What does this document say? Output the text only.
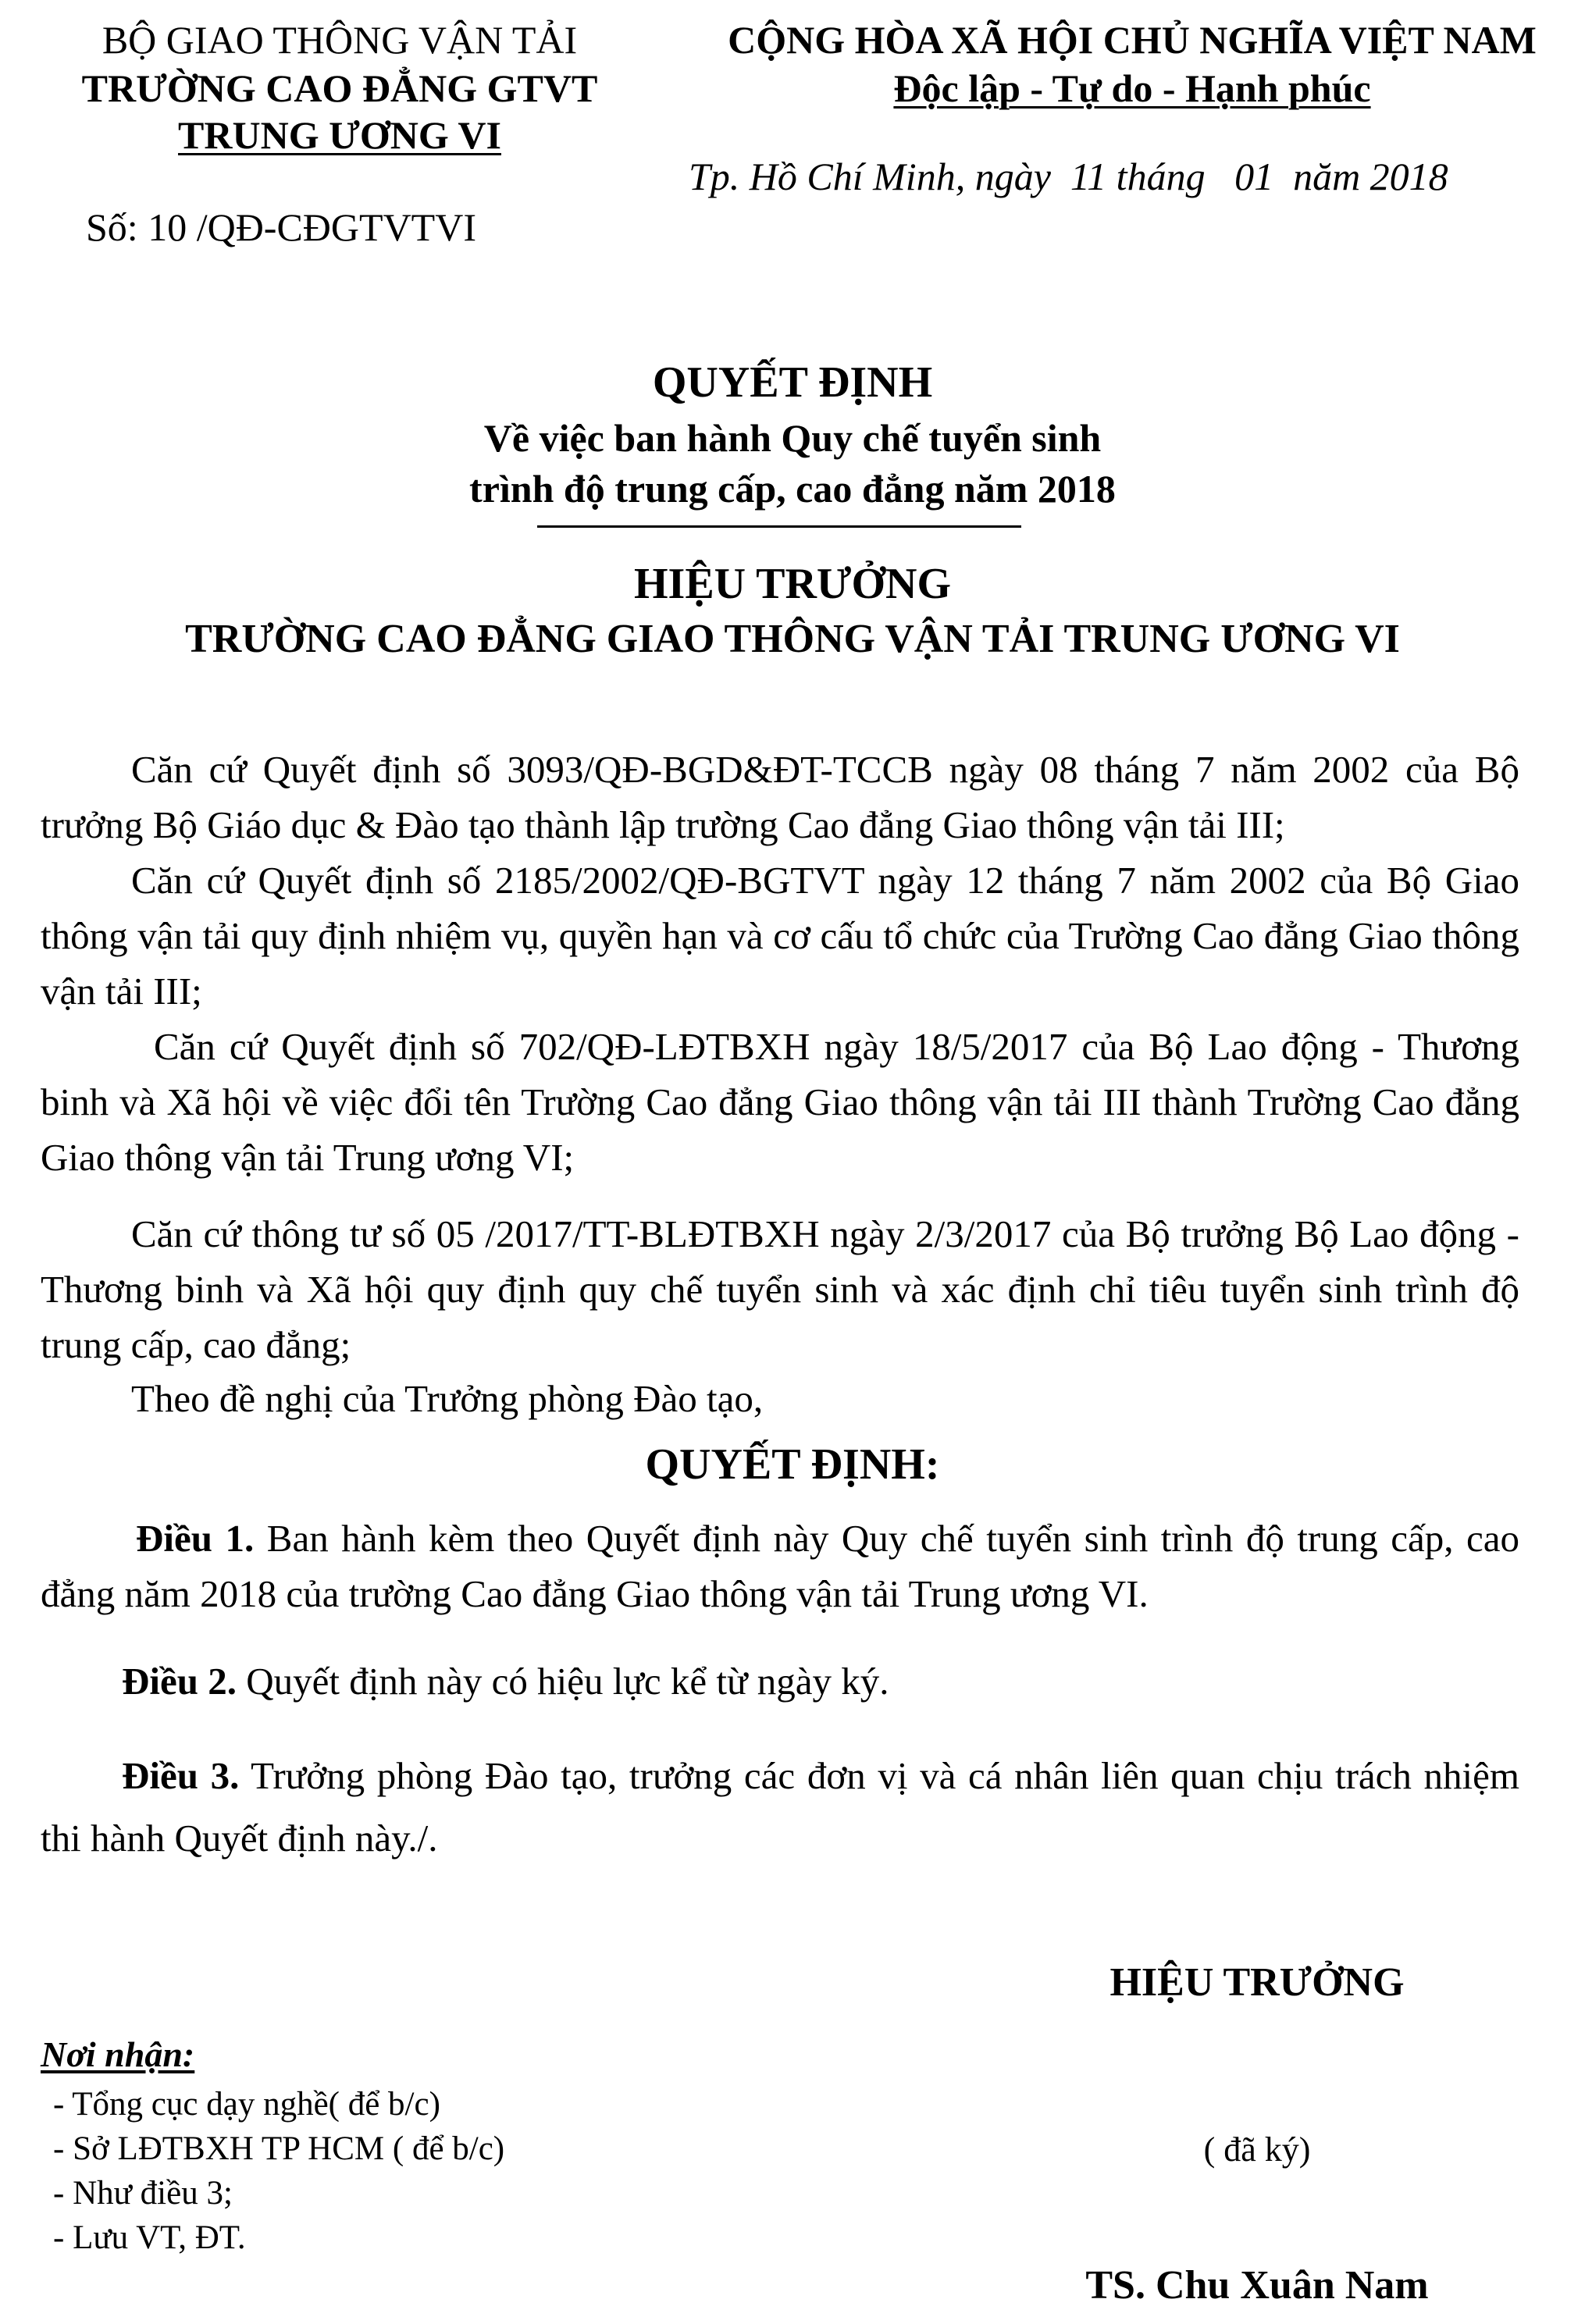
BỘ GIAO THÔNG VẬN TẢI
TRƯỜNG CAO ĐẲNG GTVT
TRUNG ƯƠNG VI
Số: 10 /QĐ-CĐGTVTVI
CỘNG HÒA XÃ HỘI CHỦ NGHĨA VIỆT NAM
Độc lập - Tự do - Hạnh phúc
Tp. Hồ Chí Minh, ngày  11 tháng   01  năm 2018
QUYẾT ĐỊNH
Về việc ban hành Quy chế tuyển sinh
trình độ trung cấp, cao đẳng năm 2018
HIỆU TRƯỞNG
TRƯỜNG CAO ĐẲNG GIAO THÔNG VẬN TẢI TRUNG ƯƠNG VI
Căn cứ Quyết định số 3093/QĐ-BGD&ĐT-TCCB ngày 08 tháng 7 năm 2002 của Bộ trưởng Bộ Giáo dục & Đào tạo thành lập trường Cao đẳng Giao thông vận tải III;
Căn cứ Quyết định số 2185/2002/QĐ-BGTVT ngày 12 tháng 7 năm 2002 của Bộ Giao thông vận tải quy định nhiệm vụ, quyền hạn và cơ cấu tổ chức của Trường Cao đẳng Giao thông vận tải III;
Căn cứ Quyết định số 702/QĐ-LĐTBXH ngày 18/5/2017 của Bộ Lao động - Thương binh và Xã hội về việc đổi tên Trường Cao đẳng Giao thông vận tải III thành Trường Cao đẳng Giao thông vận tải Trung ương VI;
Căn cứ thông tư số 05 /2017/TT-BLĐTBXH ngày 2/3/2017 của Bộ trưởng Bộ Lao động - Thương binh và Xã hội quy định quy chế tuyển sinh và xác định chỉ tiêu tuyển sinh trình độ trung cấp, cao đẳng;
Theo đề nghị của Trưởng phòng Đào tạo,
QUYẾT ĐỊNH:
Điều 1. Ban hành kèm theo Quyết định này Quy chế tuyển sinh trình độ trung cấp, cao đẳng năm 2018 của trường Cao đẳng Giao thông vận tải Trung ương VI.
Điều 2. Quyết định này có hiệu lực kể từ ngày ký.
Điều 3. Trưởng phòng Đào tạo, trưởng các đơn vị và cá nhân liên quan chịu trách nhiệm thi hành Quyết định này./.
HIỆU TRƯỞNG
( đã ký)
TS. Chu Xuân Nam
Nơi nhận:
- Tổng cục dạy nghề( để b/c)
- Sở LĐTBXH TP HCM ( để b/c)
- Như điều 3;
- Lưu VT, ĐT.
